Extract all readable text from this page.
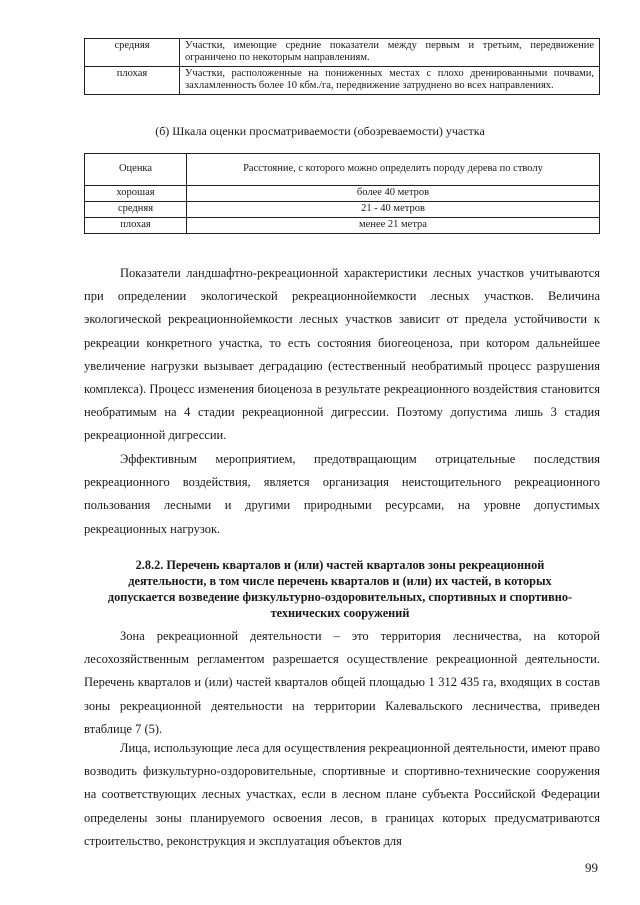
средняя	Участки, имеющие средние показатели между первым и третьим, передвижение ограничено по некоторым направлениям.
плохая	Участки, расположенные на пониженных местах с плохо дренированными почвами, захламленность более 10 кбм./га, передвижение затруднено во всех направлениях.
(б) Шкала оценки просматриваемости (обозреваемости) участка
Оценка	Расстояние, с которого можно определить породу дерева по стволу
хорошая	более 40 метров
средняя	21 - 40 метров
плохая	менее 21 метра
Показатели ландшафтно-рекреационной характеристики лесных участков учитываются при определении экологической рекреационнойемкости лесных участков. Величина экологической рекреационнойемкости лесных участков зависит от предела устойчивости к рекреации конкретного участка, то есть состояния биогеоценоза, при котором дальнейшее увеличение нагрузки вызывает деградацию (естественный необратимый процесс разрушения комплекса). Процесс изменения биоценоза в результате рекреационного воздействия становится необратимым на 4 стадии рекреационной дигрессии. Поэтому допустима лишь 3 стадия рекреационной дигрессии.
Эффективным мероприятием, предотвращающим отрицательные последствия рекреационного воздействия, является организация неистощительного рекреационного пользования лесными и другими природными ресурсами, на уровне допустимых рекреационных нагрузок.
2.8.2. Перечень кварталов и (или) частей кварталов зоны рекреационной деятельности, в том числе перечень кварталов и (или) их частей, в которых допускается возведение физкультурно-оздоровительных, спортивных и спортивно-технических сооружений
Зона рекреационной деятельности – это территория лесничества, на которой лесохозяйственным регламентом разрешается осуществление рекреационной деятельности. Перечень кварталов и (или) частей кварталов общей площадью 1 312 435 га, входящих в состав зоны рекреационной деятельности на территории Калевальского лесничества, приведен втаблице 7 (5).
Лица, использующие леса для осуществления рекреационной деятельности, имеют право возводить физкультурно-оздоровительные, спортивные и спортивно-технические сооружения на соответствующих лесных участках, если в лесном плане субъекта Российской Федерации определены зоны планируемого освоения лесов, в границах которых предусматриваются строительство, реконструкция и эксплуатация объектов для
99
